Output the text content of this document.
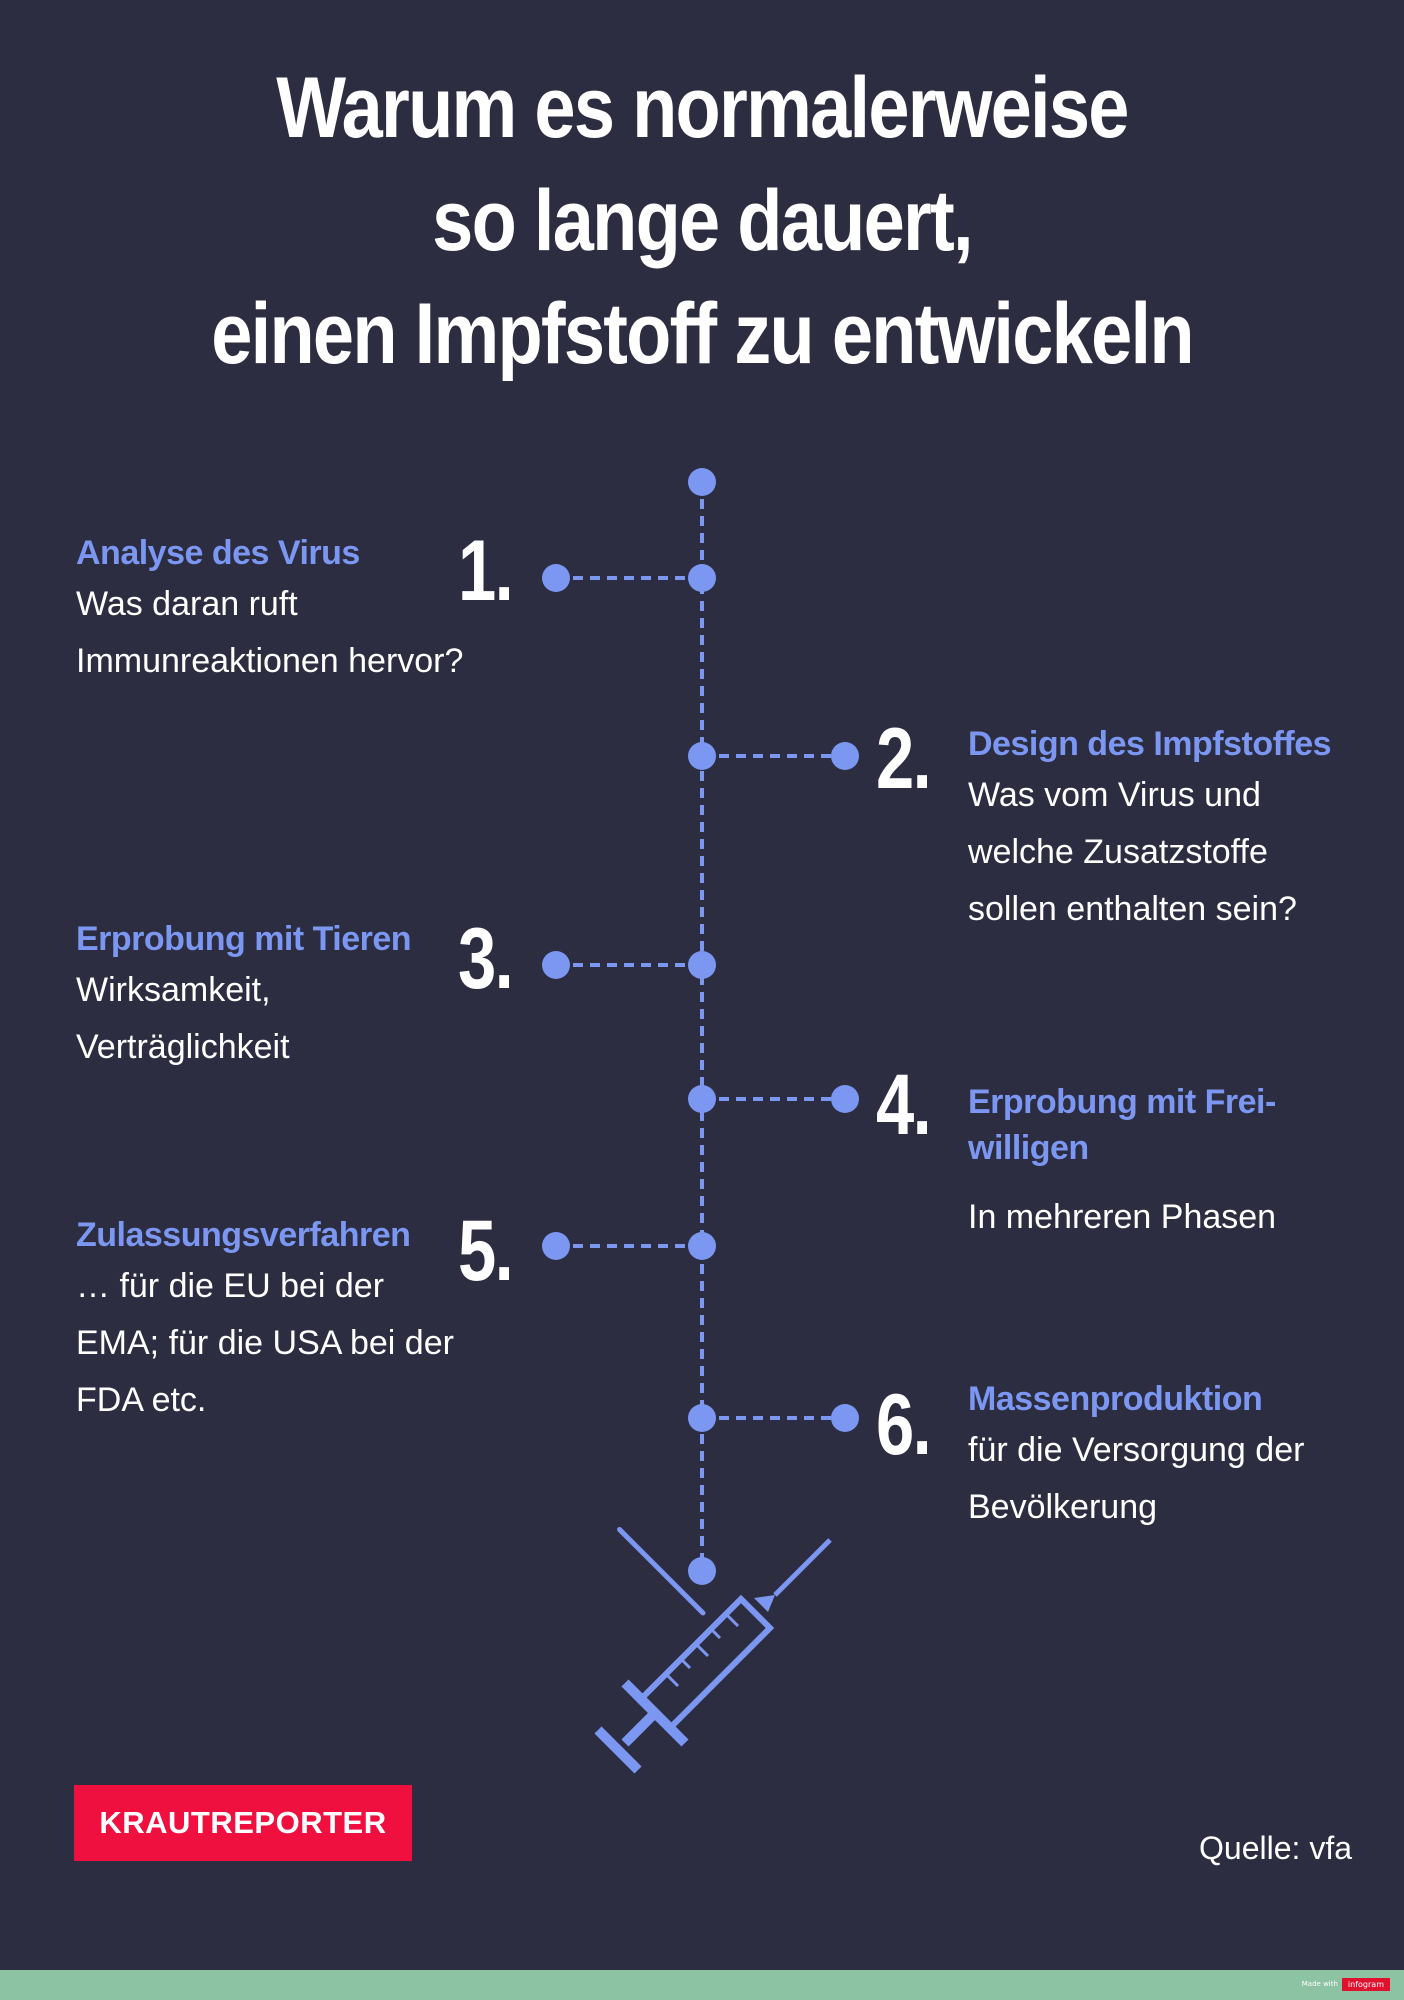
Warum es normalerweise
so lange dauert,
einen Impfstoff zu entwickeln
Analyse des Virus
Was daran ruft
Immunreaktionen hervor?
1.
Design des Impfstoffes
Was vom Virus und
welche Zusatzstoffe
sollen enthalten sein?
2.
Erprobung mit Tieren
Wirksamkeit,
Verträglichkeit
3.

Erprobung mit Frei-
willigen

In mehreren Phasen

4.
Zulassungsverfahren
… für die EU bei der
EMA; für die USA bei der
FDA etc.
5.
Massenproduktion
für die Versorgung der
Bevölkerung
6.
KRAUTREPORTER
Quelle: vfa
Made with	infogram
